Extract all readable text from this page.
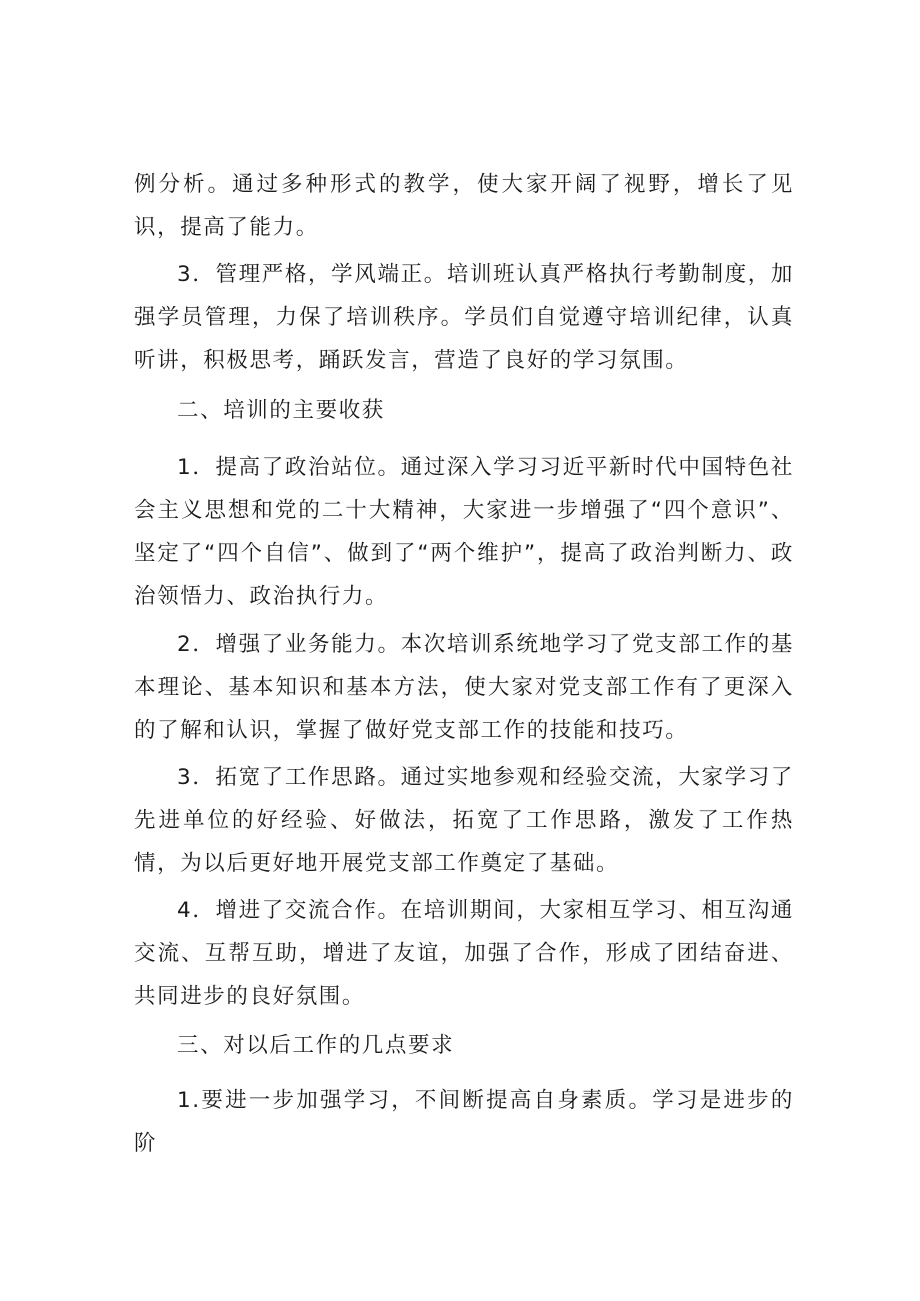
例分析。通过多种形式的教学，使大家开阔了视野，增长了见识，提高了能力。

3．管理严格，学风端正。培训班认真严格执行考勤制度，加强学员管理，力保了培训秩序。学员们自觉遵守培训纪律，认真听讲，积极思考，踊跃发言，营造了良好的学习氛围。

二、培训的主要收获

1．提高了政治站位。通过深入学习习近平新时代中国特色社会主义思想和党的二十大精神，大家进一步增强了“四个意识”、坚定了“四个自信”、做到了“两个维护”，提高了政治判断力、政治领悟力、政治执行力。

2．增强了业务能力。本次培训系统地学习了党支部工作的基本理论、基本知识和基本方法，使大家对党支部工作有了更深入的了解和认识，掌握了做好党支部工作的技能和技巧。

3．拓宽了工作思路。通过实地参观和经验交流，大家学习了先进单位的好经验、好做法，拓宽了工作思路，激发了工作热情，为以后更好地开展党支部工作奠定了基础。

4．增进了交流合作。在培训期间，大家相互学习、相互沟通交流、互帮互助，增进了友谊，加强了合作，形成了团结奋进、共同进步的良好氛围。

三、对以后工作的几点要求

1.要进一步加强学习，不间断提高自身素质。学习是进步的阶
